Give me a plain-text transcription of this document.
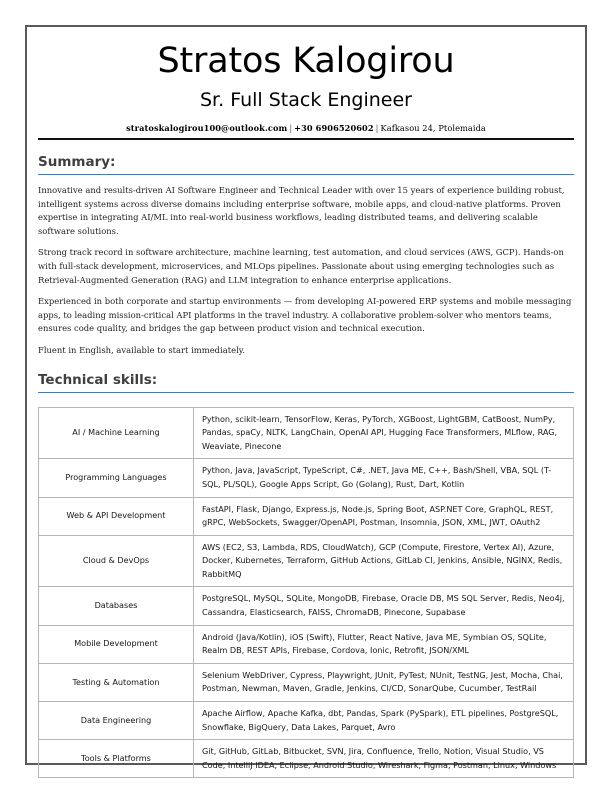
Stratos Kalogirou
Sr. Full Stack Engineer
stratoskalogirou100@outlook.com | +30 6906520602 | Kafkasou 24, Ptolemaida
Summary:

Innovative and results-driven AI Software Engineer and Technical Leader with over 15 years of experience building robust, intelligent systems across diverse domains including enterprise software, mobile apps, and cloud-native platforms. Proven expertise in integrating AI/ML into real-world business workflows, leading distributed teams, and delivering scalable software solutions.

Strong track record in software architecture, machine learning, test automation, and cloud services (AWS, GCP). Hands-on with full-stack development, microservices, and MLOps pipelines. Passionate about using emerging technologies such as Retrieval-Augmented Generation (RAG) and LLM integration to enhance enterprise applications.

Experienced in both corporate and startup environments — from developing AI-powered ERP systems and mobile messaging apps, to leading mission-critical API platforms in the travel industry. A collaborative problem-solver who mentors teams, ensures code quality, and bridges the gap between product vision and technical execution.

Fluent in English, available to start immediately.

Technical skills:
AI / Machine Learning	Python, scikit-learn, TensorFlow, Keras, PyTorch, XGBoost, LightGBM, CatBoost, NumPy, Pandas, spaCy, NLTK, LangChain, OpenAI API, Hugging Face Transformers, MLflow, RAG, Weaviate, Pinecone
Programming Languages	Python, Java, JavaScript, TypeScript, C#, .NET, Java ME, C++, Bash/Shell, VBA, SQL (T-SQL, PL/SQL), Google Apps Script, Go (Golang), Rust, Dart, Kotlin
Web & API Development	FastAPI, Flask, Django, Express.js, Node.js, Spring Boot, ASP.NET Core, GraphQL, REST, gRPC, WebSockets, Swagger/OpenAPI, Postman, Insomnia, JSON, XML, JWT, OAuth2
Cloud & DevOps	AWS (EC2, S3, Lambda, RDS, CloudWatch), GCP (Compute, Firestore, Vertex AI), Azure, Docker, Kubernetes, Terraform, GitHub Actions, GitLab CI, Jenkins, Ansible, NGINX, Redis, RabbitMQ
Databases	PostgreSQL, MySQL, SQLite, MongoDB, Firebase, Oracle DB, MS SQL Server, Redis, Neo4j, Cassandra, Elasticsearch, FAISS, ChromaDB, Pinecone, Supabase
Mobile Development	Android (Java/Kotlin), iOS (Swift), Flutter, React Native, Java ME, Symbian OS, SQLite, Realm DB, REST APIs, Firebase, Cordova, Ionic, Retrofit, JSON/XML
Testing & Automation	Selenium WebDriver, Cypress, Playwright, JUnit, PyTest, NUnit, TestNG, Jest, Mocha, Chai, Postman, Newman, Maven, Gradle, Jenkins, CI/CD, SonarQube, Cucumber, TestRail
Data Engineering	Apache Airflow, Apache Kafka, dbt, Pandas, Spark (PySpark), ETL pipelines, PostgreSQL, Snowflake, BigQuery, Data Lakes, Parquet, Avro
Tools & Platforms	Git, GitHub, GitLab, Bitbucket, SVN, Jira, Confluence, Trello, Notion, Visual Studio, VS Code, IntelliJ IDEA, Eclipse, Android Studio, Wireshark, Figma, Postman, Linux, Windows
